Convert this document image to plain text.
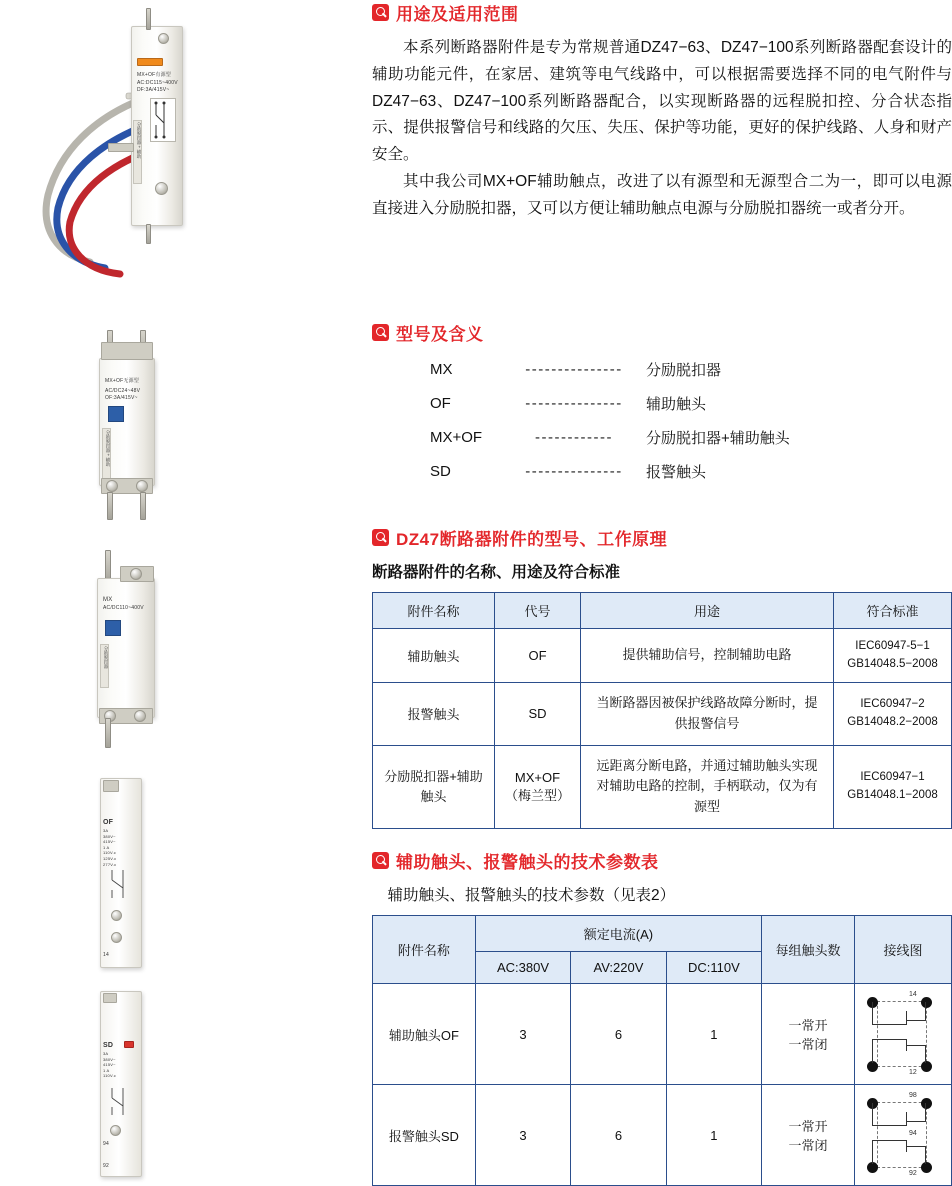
MX+OF有源型
AC:DC115~400V
DF:3A/415V~
分励脱扣器+辅助
MX+OF无源型
AC/DC24~48V
OF:3A/415V~
分励脱扣器+辅助
MX
AC/DC110~400V
分励脱扣器
OF
3A
380V~
415V~
1 A
110V.c
125V.c
277V.c
14
SD
3A
380V~
415V~
1 A
110V.c
94
92
用途及适用范围

本系列断路器附件是专为常规普通DZ47−63、DZ47−100系列断路器配套设计的辅助功能元件，在家居、建筑等电气线路中，可以根据需要选择不同的电气附件与DZ47−63、DZ47−100系列断路器配合，以实现断路器的远程脱扣控、分合状态指示、提供报警信号和线路的欠压、失压、保护等功能，更好的保护线路、人身和财产安全。

其中我公司MX+OF辅助触点，改进了以有源型和无源型合二为一，即可以电源直接进入分励脱扣器，又可以方便让辅助触点电源与分励脱扣器统一或者分开。

型号及含义
MX	---------------	分励脱扣器
OF	---------------	辅助触头
MX+OF	------------	分励脱扣器+辅助触头
SD	---------------	报警触头
DZ47断路器附件的型号、工作原理
断路器附件的名称、用途及符合标准
附件名称	代号	用途	符合标准
辅助触头	OF	提供辅助信号，控制辅助电路	IEC60947-5−1
GB14048.5−2008
报警触头	SD	当断路器因被保护线路故障分断时，提供报警信号	IEC60947−2
GB14048.2−2008
分励脱扣器+辅助触头	MX+OF
（梅兰型）	远距离分断电路，并通过辅助触头实现对辅助电路的控制，手柄联动，仅为有源型	IEC60947−1
GB14048.1−2008
辅助触头、报警触头的技术参数表
辅助触头、报警触头的技术参数（见表2）
附件名称	额定电流(A)			每组触头数	接线图
	AC:380V	AV:220V	DC:110V		
辅助触头OF	3	6	1	一常开
一常闭	
14
12

报警触头SD	3	6	1	一常开
一常闭	
98
94
92
